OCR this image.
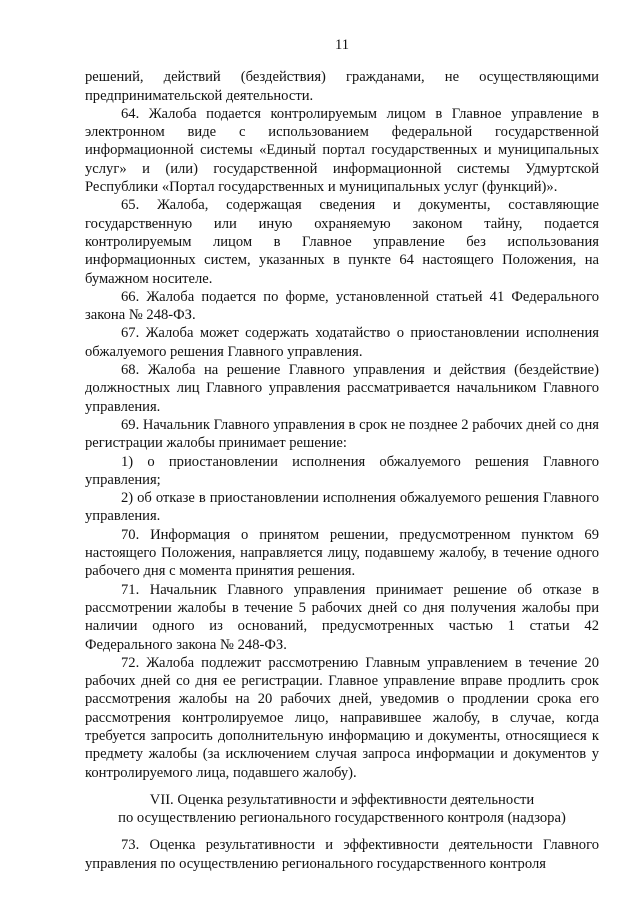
11

решений, действий (бездействия) гражданами, не осуществляющими предпринимательской деятельности.

64. Жалоба подается контролируемым лицом в Главное управление в электронном виде с использованием федеральной государственной информационной системы «Единый портал государственных и муниципальных услуг» и (или) государственной информационной системы Удмуртской Республики «Портал государственных и муниципальных услуг (функций)».

65. Жалоба, содержащая сведения и документы, составляющие государственную или иную охраняемую законом тайну, подается контролируемым лицом в Главное управление без использования информационных систем, указанных в пункте 64 настоящего Положения, на бумажном носителе.

66. Жалоба подается по форме, установленной статьей 41 Федерального закона № 248-ФЗ.

67. Жалоба может содержать ходатайство о приостановлении исполнения обжалуемого решения Главного управления.

68. Жалоба на решение Главного управления и действия (бездействие) должностных лиц Главного управления рассматривается начальником Главного управления.

69. Начальник Главного управления в срок не позднее 2 рабочих дней со дня регистрации жалобы принимает решение:

1) о приостановлении исполнения обжалуемого решения Главного управления;

2) об отказе в приостановлении исполнения обжалуемого решения Главного управления.

70. Информация о принятом решении, предусмотренном пунктом 69 настоящего Положения, направляется лицу, подавшему жалобу, в течение одного рабочего дня с момента принятия решения.

71. Начальник Главного управления принимает решение об отказе в рассмотрении жалобы в течение 5 рабочих дней со дня получения жалобы при наличии одного из оснований, предусмотренных частью 1 статьи 42 Федерального закона № 248-ФЗ.

72. Жалоба подлежит рассмотрению Главным управлением в течение 20 рабочих дней со дня ее регистрации. Главное управление вправе продлить срок рассмотрения жалобы на 20 рабочих дней, уведомив о продлении срока его рассмотрения контролируемое лицо, направившее жалобу, в случае, когда требуется запросить дополнительную информацию и документы, относящиеся к предмету жалобы (за исключением случая запроса информации и документов у контролируемого лица, подавшего жалобу).

VII. Оценка результативности и эффективности деятельности
по осуществлению регионального государственного контроля (надзора)

73. Оценка результативности и эффективности деятельности Главного управления по осуществлению регионального государственного контроля
